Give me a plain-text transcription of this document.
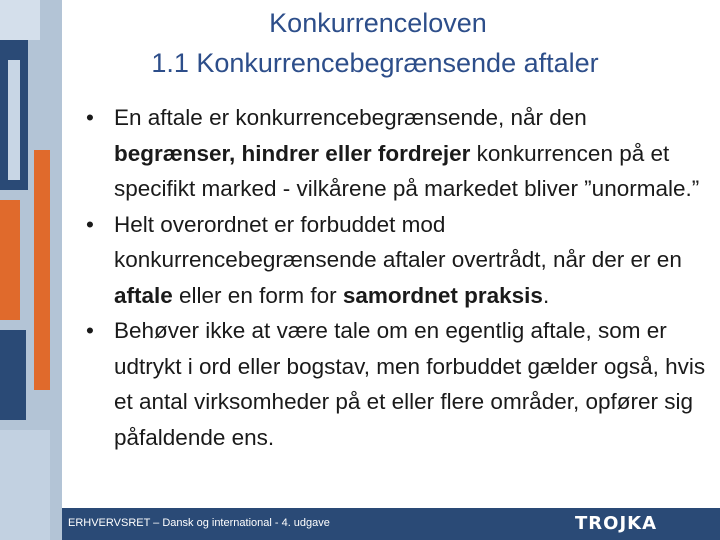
Konkurrenceloven
1.1 Konkurrencebegrænsende aftaler
• En aftale er konkurrencebegrænsende, når den begrænser, hindrer eller fordrejer konkurrencen på et specifikt marked - vilkårene på markedet bliver ”unormale.”
• Helt overordnet er forbuddet mod konkurrencebegrænsende aftaler overtrådt, når der er en aftale eller en form for samordnet praksis.
• Behøver ikke at være tale om en egentlig aftale, som er udtrykt i ord eller bogstav, men forbuddet gælder også, hvis et antal virksomheder på et eller flere områder, opfører sig påfaldende ens.
ERHVERVSRET – Dansk og international - 4. udgave	TROJKA
